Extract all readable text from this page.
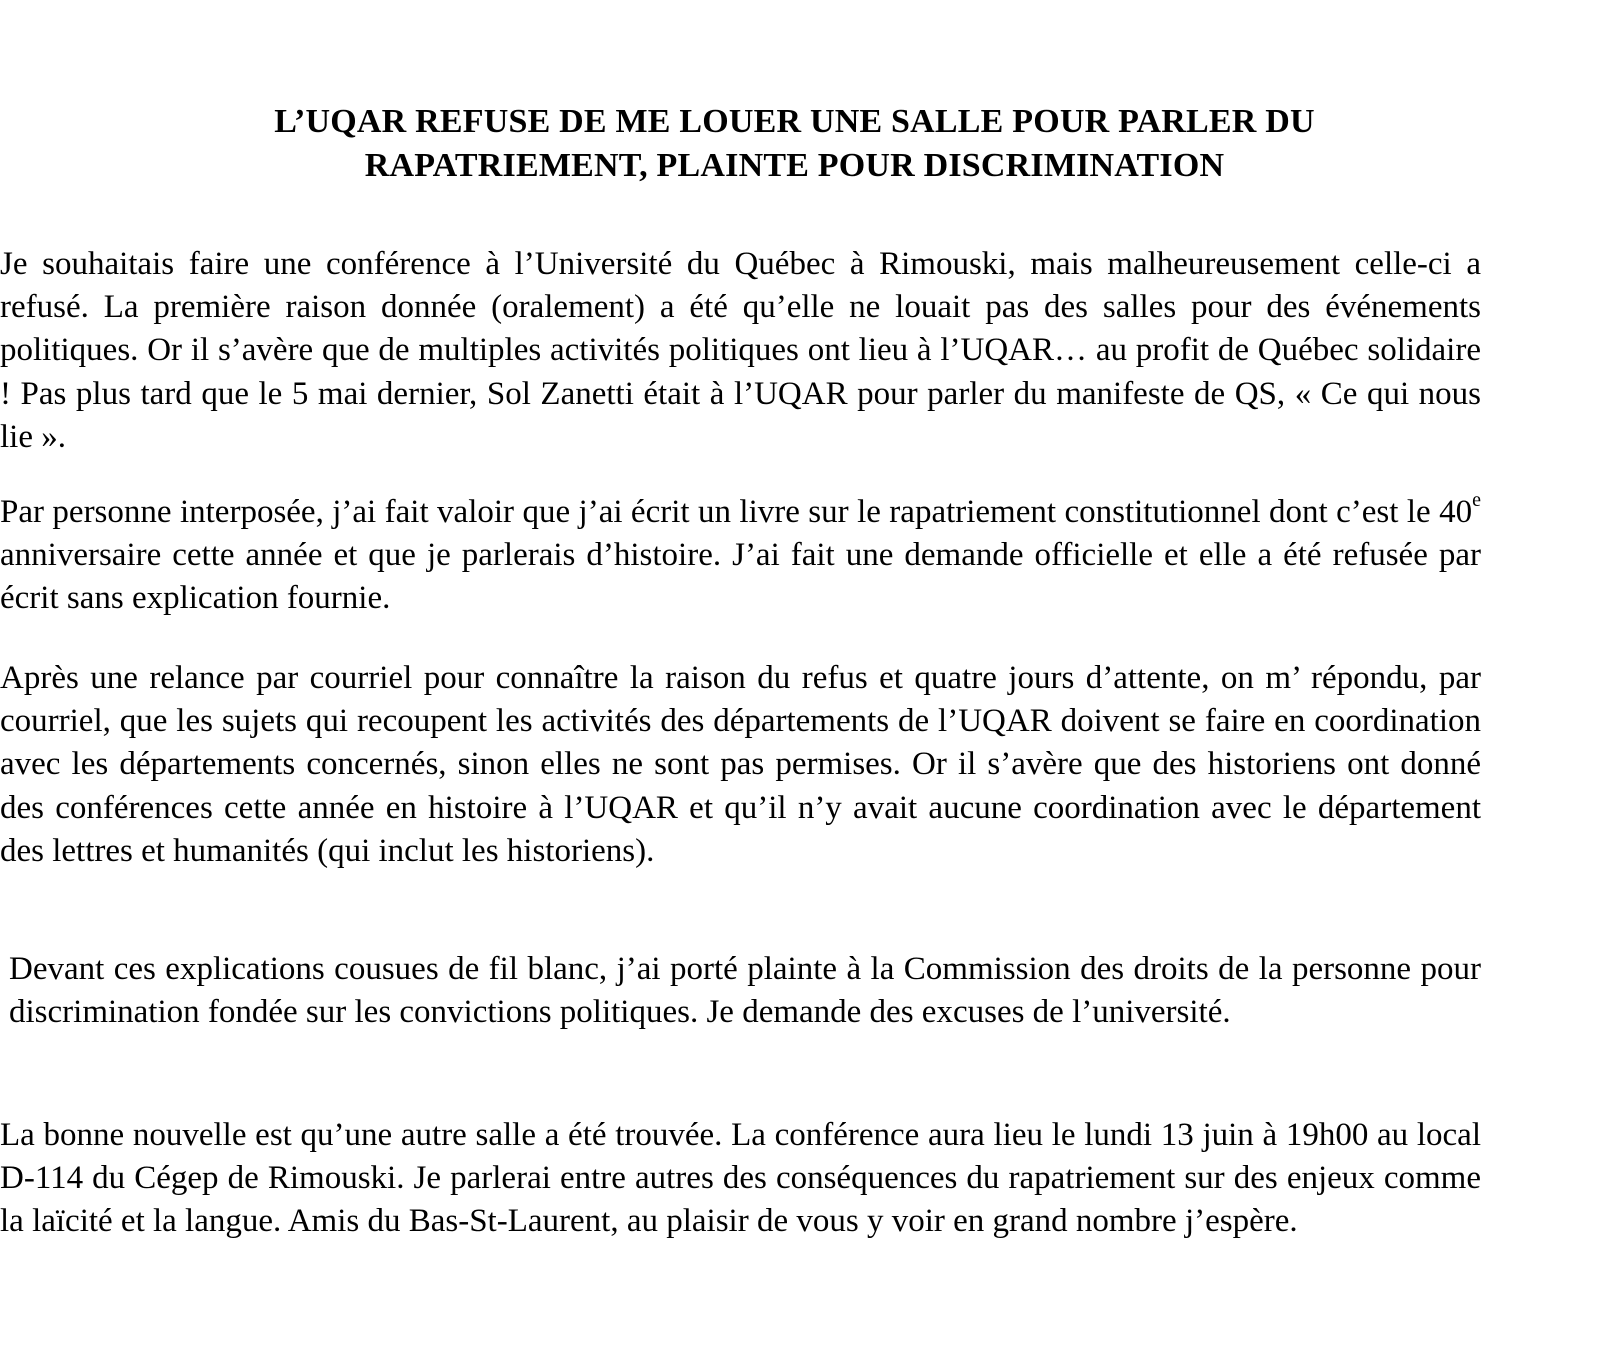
L’UQAR REFUSE DE ME LOUER UNE SALLE POUR PARLER DU
RAPATRIEMENT, PLAINTE POUR DISCRIMINATION

Je souhaitais faire une conférence à l’Université du Québec à Rimouski, mais malheureusement celle-ci a refusé. La première raison donnée (oralement) a été qu’elle ne louait pas des salles pour des événements politiques. Or il s’avère que de multiples activités politiques ont lieu à l’UQAR… au profit de Québec solidaire ! Pas plus tard que le 5 mai dernier, Sol Zanetti était à l’UQAR pour parler du manifeste de QS, « Ce qui nous lie ».

Par personne interposée, j’ai fait valoir que j’ai écrit un livre sur le rapatriement constitutionnel dont c’est le 40e anniversaire cette année et que je parlerais d’histoire. J’ai fait une demande officielle et elle a été refusée par écrit sans explication fournie.

Après une relance par courriel pour connaître la raison du refus et quatre jours d’attente, on m’ répondu, par courriel, que les sujets qui recoupent les activités des départements de l’UQAR doivent se faire en coordination avec les départements concernés, sinon elles ne sont pas permises. Or il s’avère que des historiens ont donné des conférences cette année en histoire à l’UQAR et qu’il n’y avait aucune coordination avec le département des lettres et humanités (qui inclut les historiens).

Devant ces explications cousues de fil blanc, j’ai porté plainte à la Commission des droits de la personne pour discrimination fondée sur les convictions politiques. Je demande des excuses de l’université.

La bonne nouvelle est qu’une autre salle a été trouvée. La conférence aura lieu le lundi 13 juin à 19h00 au local D-114 du Cégep de Rimouski. Je parlerai entre autres des conséquences du rapatriement sur des enjeux comme la laïcité et la langue. Amis du Bas-St-Laurent, au plaisir de vous y voir en grand nombre j’espère.
